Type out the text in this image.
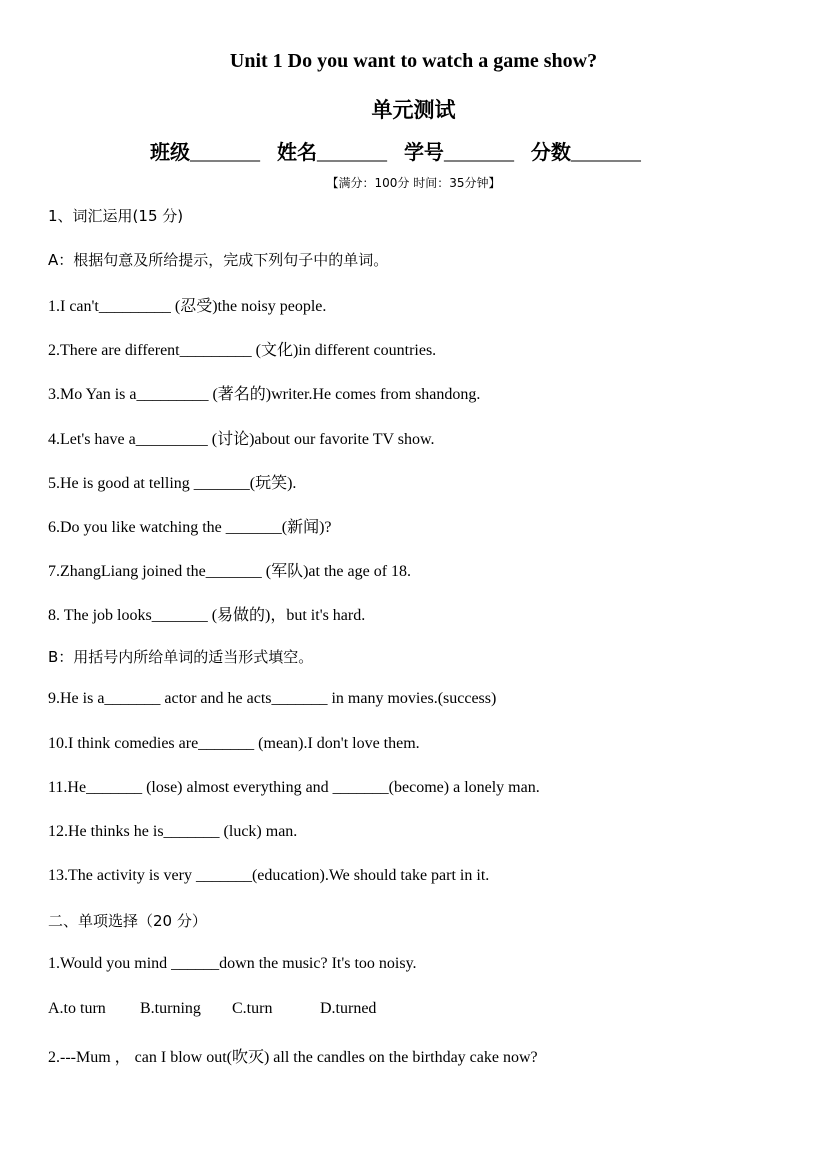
Unit 1 Do you want to watch a game show?
单元测试
班级_______ 姓名_______ 学号_______ 分数_______
【满分：100分 时间：35分钟】
1、词汇运用(15 分)
A：根据句意及所给提示，完成下列句子中的单词。
1.I can't_________ (忍受)the noisy people.
2.There are different_________ (文化)in different countries.
3.Mo Yan is a_________ (著名的)writer.He comes from shandong.
4.Let's have a_________ (讨论)about our favorite TV show.
5.He is good at telling _______(玩笑).
6.Do you like watching the _______(新闻)?
7.ZhangLiang joined the_______ (军队)at the age of 18.
8. The job looks_______ (易做的)，but it's hard.
B：用括号内所给单词的适当形式填空。
9.He is a_______ actor and he acts_______ in many movies.(success)
10.I think comedies are_______ (mean).I don't love them.
11.He_______ (lose) almost everything and _______(become) a lonely man.
12.He thinks he is_______ (luck) man.
13.The activity is very _______(education).We should take part in it.
二、单项选择（20 分）
1.Would you mind ______down the music? It's too noisy.
A.to turn B.turning C.turn	D.turned
2.---Mum ， can I blow out(吹灭) all the candles on the birthday cake now?
